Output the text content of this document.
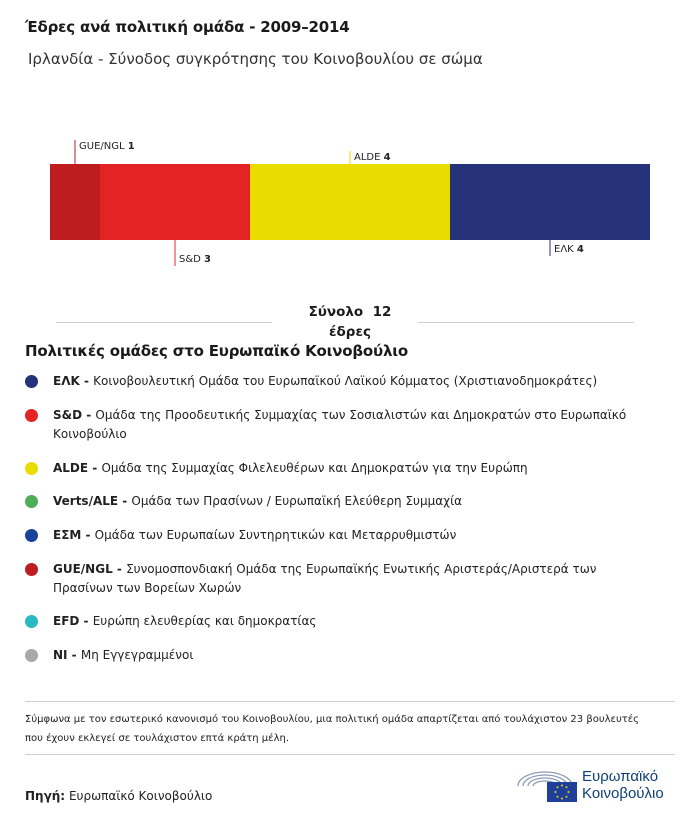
Έδρες ανά πολιτική ομάδα - 2009–2014
Ιρλανδία - Σύνοδος συγκρότησης του Κοινοβουλίου σε σώμα
GUE/NGL 1
S&D 3
ALDE 4
ΕΛΚ 4
Σύνολο 12
έδρες
Πολιτικές ομάδες στο Ευρωπαϊκό Κοινοβούλιο
ΕΛΚ - Κοινοβουλευτική Ομάδα του Ευρωπαϊκού Λαϊκού Κόμματος (Χριστιανοδημοκράτες)
S&D - Ομάδα της Προοδευτικής Συμμαχίας των Σοσιαλιστών και Δημοκρατών στο Ευρωπαϊκό Κοινοβούλιο
ALDE - Ομάδα της Συμμαχίας Φιλελευθέρων και Δημοκρατών για την Ευρώπη
Verts/ALE - Ομάδα των Πρασίνων / Ευρωπαϊκή Ελεύθερη Συμμαχία
ΕΣΜ - Ομάδα των Ευρωπαίων Συντηρητικών και Μεταρρυθμιστών
GUE/NGL - Συνομοσπονδιακή Ομάδα της Ευρωπαϊκής Ενωτικής Αριστεράς/Αριστερά των Πρασίνων των Βορείων Χωρών
EFD - Ευρώπη ελευθερίας και δημοκρατίας
NI - Μη Εγγεγραμμένοι
Σύμφωνα με τον εσωτερικό κανονισμό του Κοινοβουλίου, μια πολιτική ομάδα απαρτίζεται από τουλάχιστον 23 βουλευτές που έχουν εκλεγεί σε τουλάχιστον επτά κράτη μέλη.
Πηγή: Ευρωπαϊκό Κοινοβούλιο
Ευρωπαϊκό
Κοινοβούλιο
